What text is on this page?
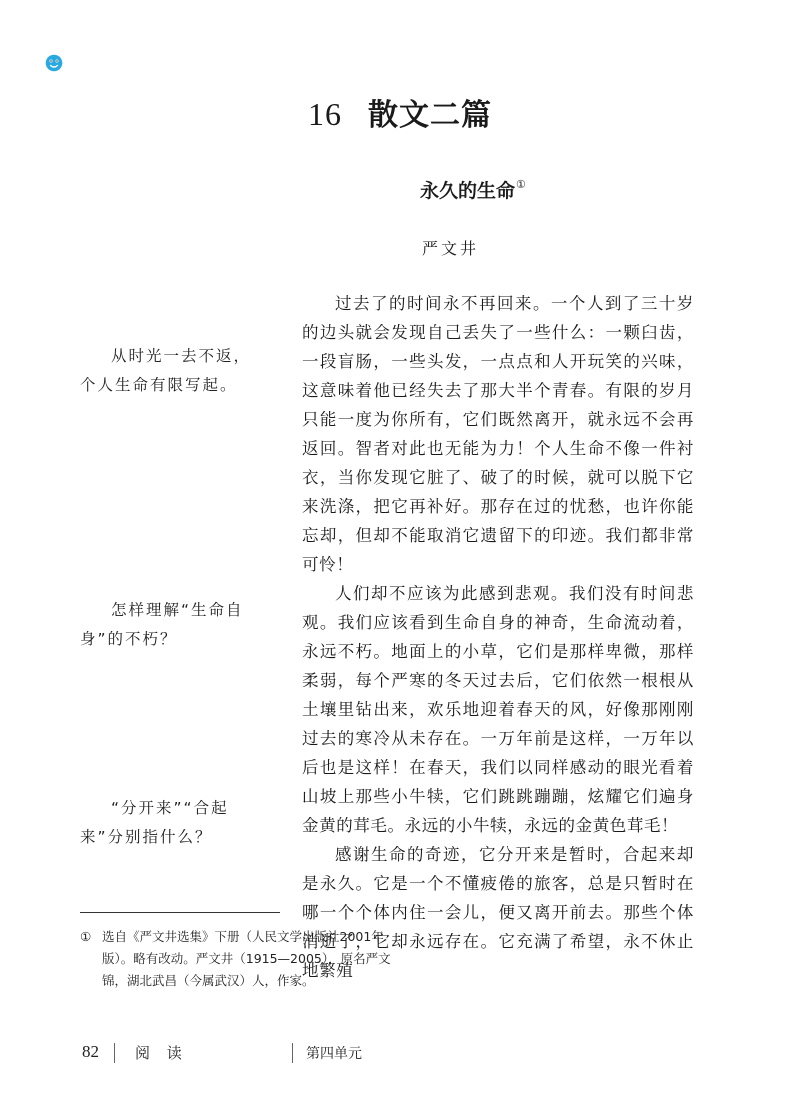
16 散文二篇
永久的生命①
严文井

过去了的时间永不再回来。一个人到了三十岁的边头就会发现自己丢失了一些什么：一颗臼齿，一段盲肠，一些头发，一点点和人开玩笑的兴味，这意味着他已经失去了那大半个青春。有限的岁月只能一度为你所有，它们既然离开，就永远不会再返回。智者对此也无能为力！个人生命不像一件衬衣，当你发现它脏了、破了的时候，就可以脱下它来洗涤，把它再补好。那存在过的忧愁，也许你能忘却，但却不能取消它遗留下的印迹。我们都非常可怜！

人们却不应该为此感到悲观。我们没有时间悲观。我们应该看到生命自身的神奇，生命流动着，永远不朽。地面上的小草，它们是那样卑微，那样柔弱，每个严寒的冬天过去后，它们依然一根根从土壤里钻出来，欢乐地迎着春天的风，好像那刚刚过去的寒冷从未存在。一万年前是这样，一万年以后也是这样！在春天，我们以同样感动的眼光看着山坡上那些小牛犊，它们跳跳蹦蹦，炫耀它们遍身金黄的茸毛。永远的小牛犊，永远的金黄色茸毛！

感谢生命的奇迹，它分开来是暂时，合起来却是永久。它是一个不懂疲倦的旅客，总是只暂时在哪一个个体内住一会儿，便又离开前去。那些个体消逝了，它却永远存在。它充满了希望，永不休止地繁殖

从时光一去不返，个人生命有限写起。
怎样理解“生命自身”的不朽？
“分开来”“合起来”分别指什么？
① 选自《严文井选集》下册（人民文学出版社2001年版）。略有改动。严文井（1915—2005），原名严文锦，湖北武昌（今属武汉）人，作家。
82 阅 读	第四单元
